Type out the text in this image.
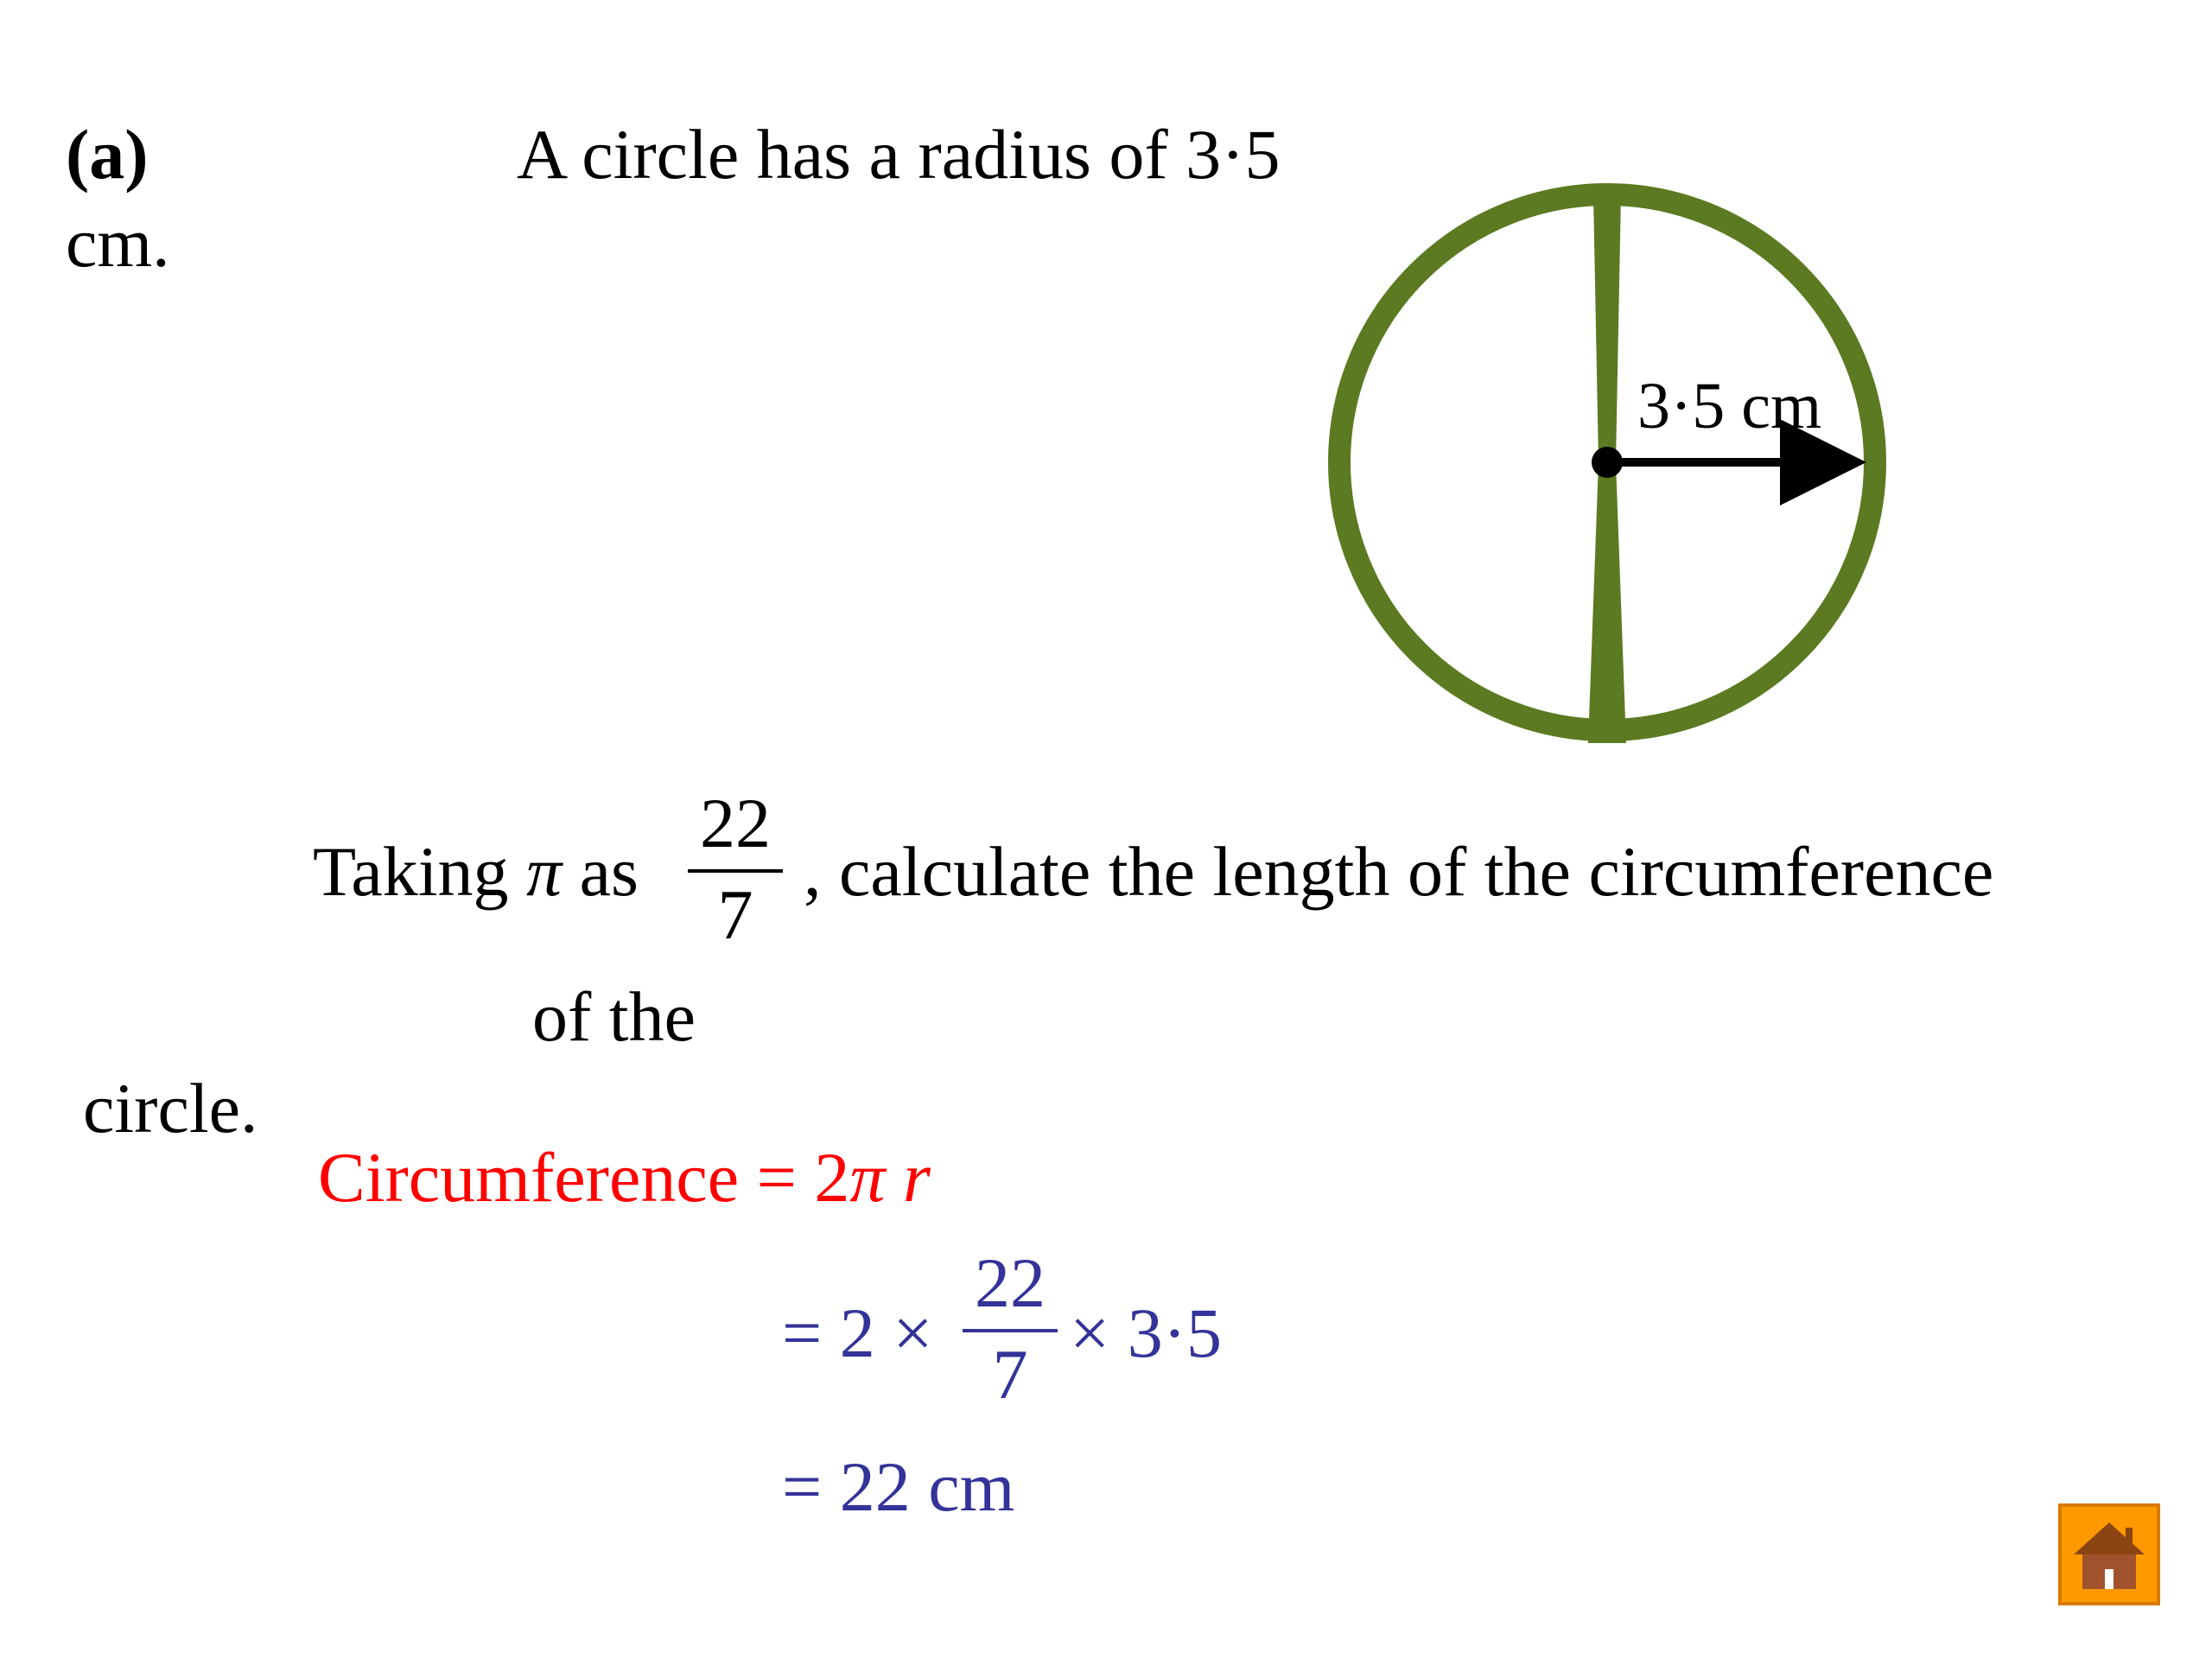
(a)	A circle has a radius of 3·5
cm.
3·5 cm
Taking π as
22
7
, calculate the length of the circumference
of the
circle.
Circumference = 2π r
= 2 ×
22
7
× 3·5
= 22 cm
